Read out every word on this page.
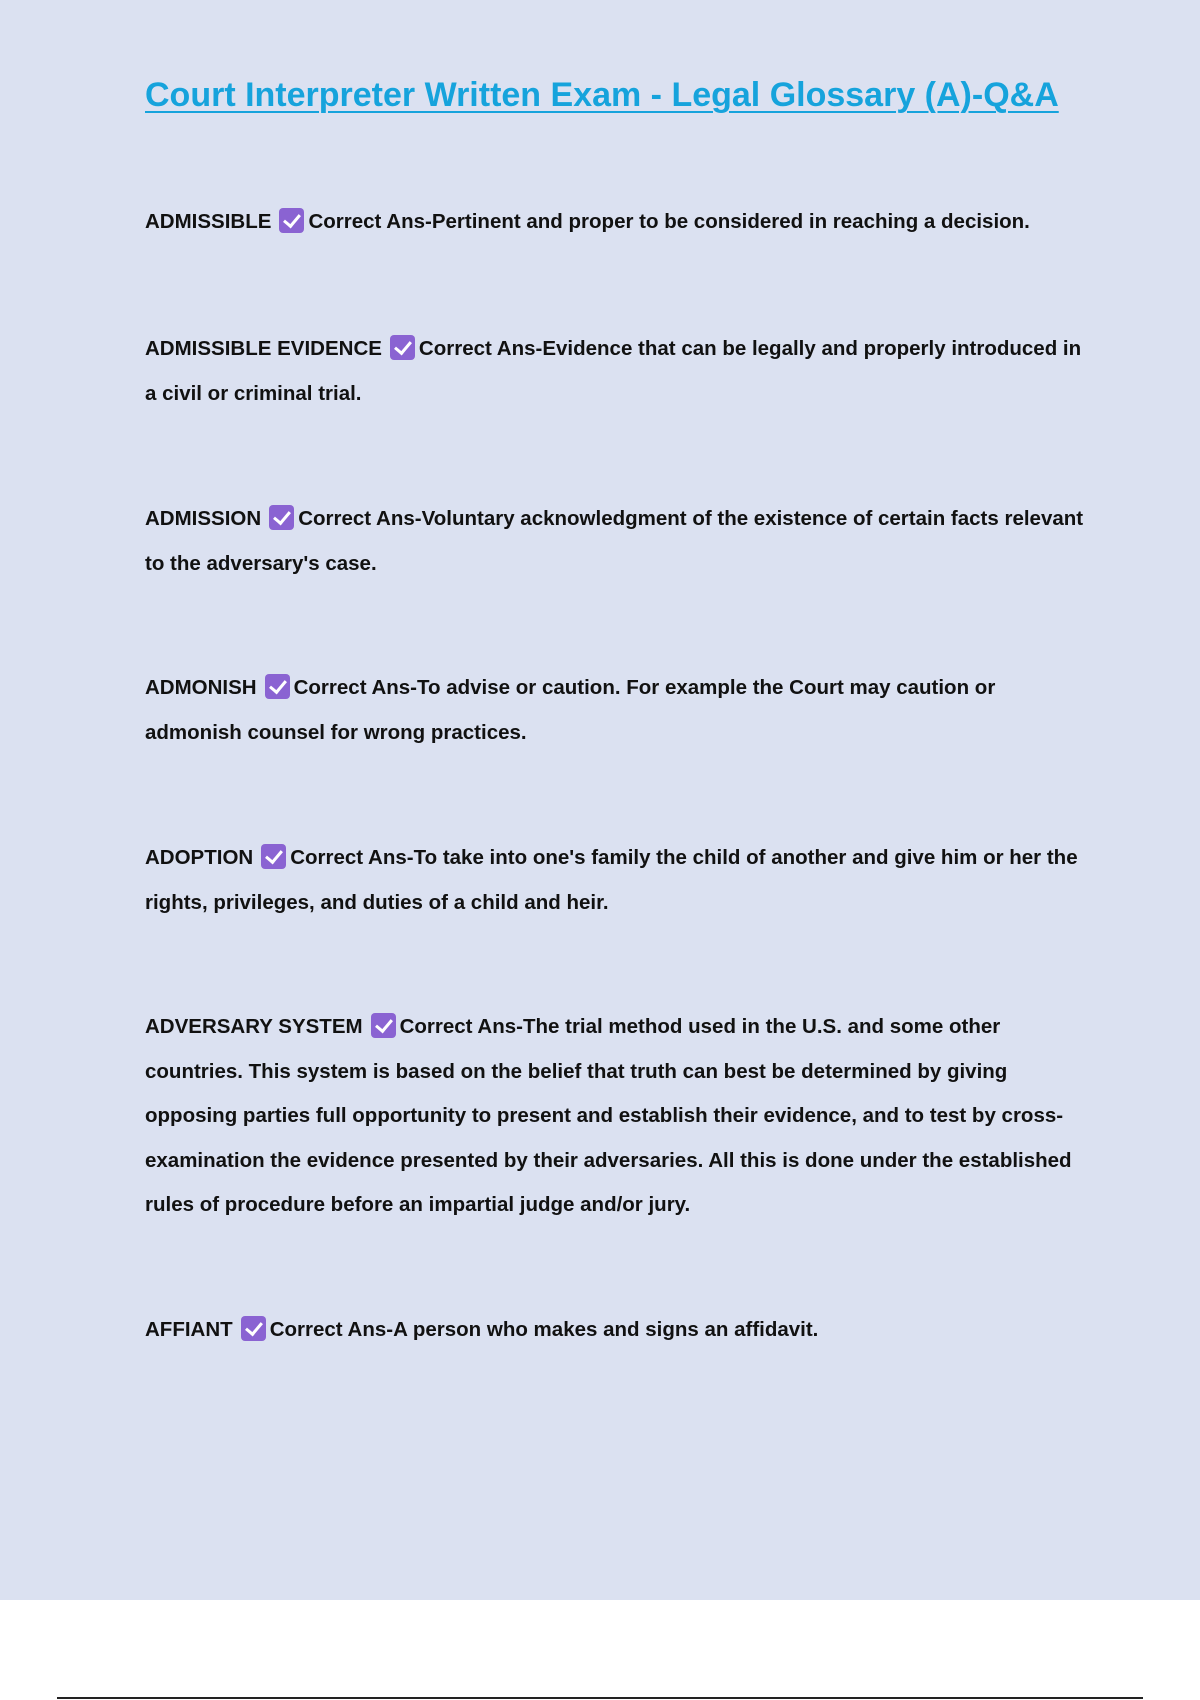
Court Interpreter Written Exam - Legal Glossary (A)-Q&A
ADMISSIBLE Correct Ans-Pertinent and proper to be considered in reaching a decision.
ADMISSIBLE EVIDENCE Correct Ans-Evidence that can be legally and properly introduced in a civil or criminal trial.
ADMISSION Correct Ans-Voluntary acknowledgment of the existence of certain facts relevant to the adversary's case.
ADMONISH Correct Ans-To advise or caution. For example the Court may caution or admonish counsel for wrong practices.
ADOPTION Correct Ans-To take into one's family the child of another and give him or her the rights, privileges, and duties of a child and heir.
ADVERSARY SYSTEM Correct Ans-The trial method used in the U.S. and some other countries. This system is based on the belief that truth can best be determined by giving opposing parties full opportunity to present and establish their evidence, and to test by cross-examination the evidence presented by their adversaries. All this is done under the established rules of procedure before an impartial judge and/or jury.
AFFIANT Correct Ans-A person who makes and signs an affidavit.
